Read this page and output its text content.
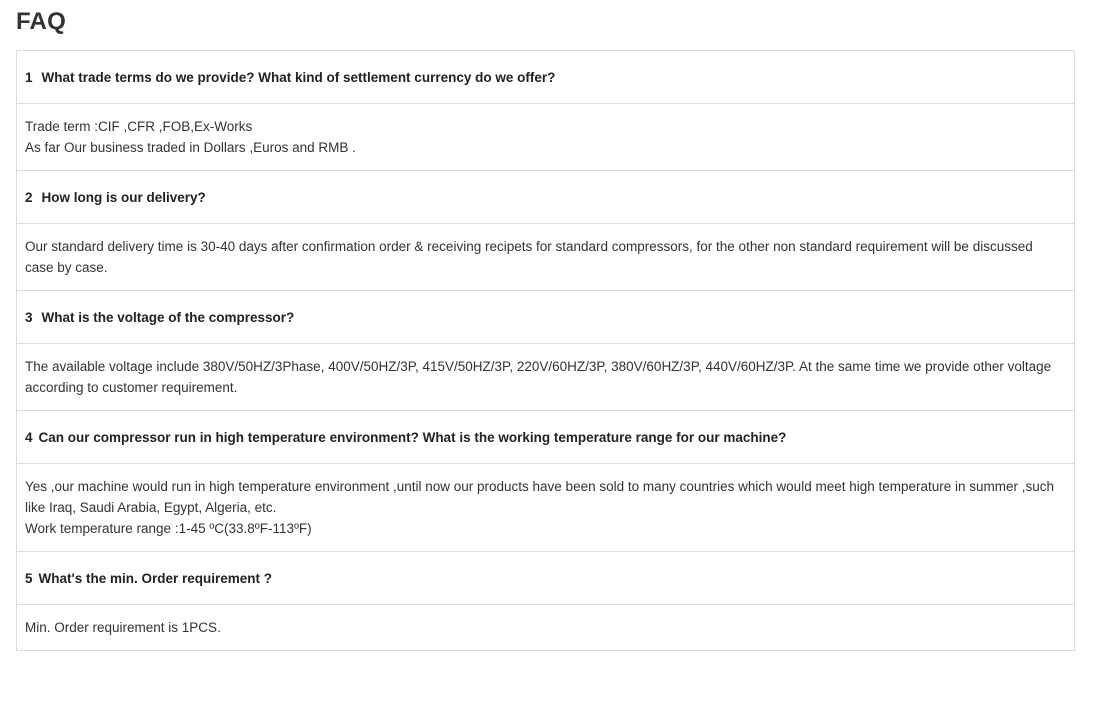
FAQ
1 What trade terms do we provide? What kind of settlement currency do we offer?
Trade term :CIF ,CFR ,FOB,Ex-Works
As far Our business traded in Dollars ,Euros and RMB .
2 How long is our delivery?
Our standard delivery time is 30-40 days after confirmation order & receiving recipets for standard compressors, for the other non standard requirement will be discussed case by case.
3 What is the voltage of the compressor?
The available voltage include 380V/50HZ/3Phase, 400V/50HZ/3P, 415V/50HZ/3P, 220V/60HZ/3P, 380V/60HZ/3P, 440V/60HZ/3P. At the same time we provide other voltage according to customer requirement.
4 Can our compressor run in high temperature environment? What is the working temperature range for our machine?
Yes ,our machine would run in high temperature environment ,until now our products have been sold to many countries which would meet high temperature in summer ,such like Iraq, Saudi Arabia, Egypt, Algeria, etc.
Work temperature range :1-45 ºC(33.8ºF-113ºF)
5 What's the min. Order requirement ?
Min. Order requirement is 1PCS.
